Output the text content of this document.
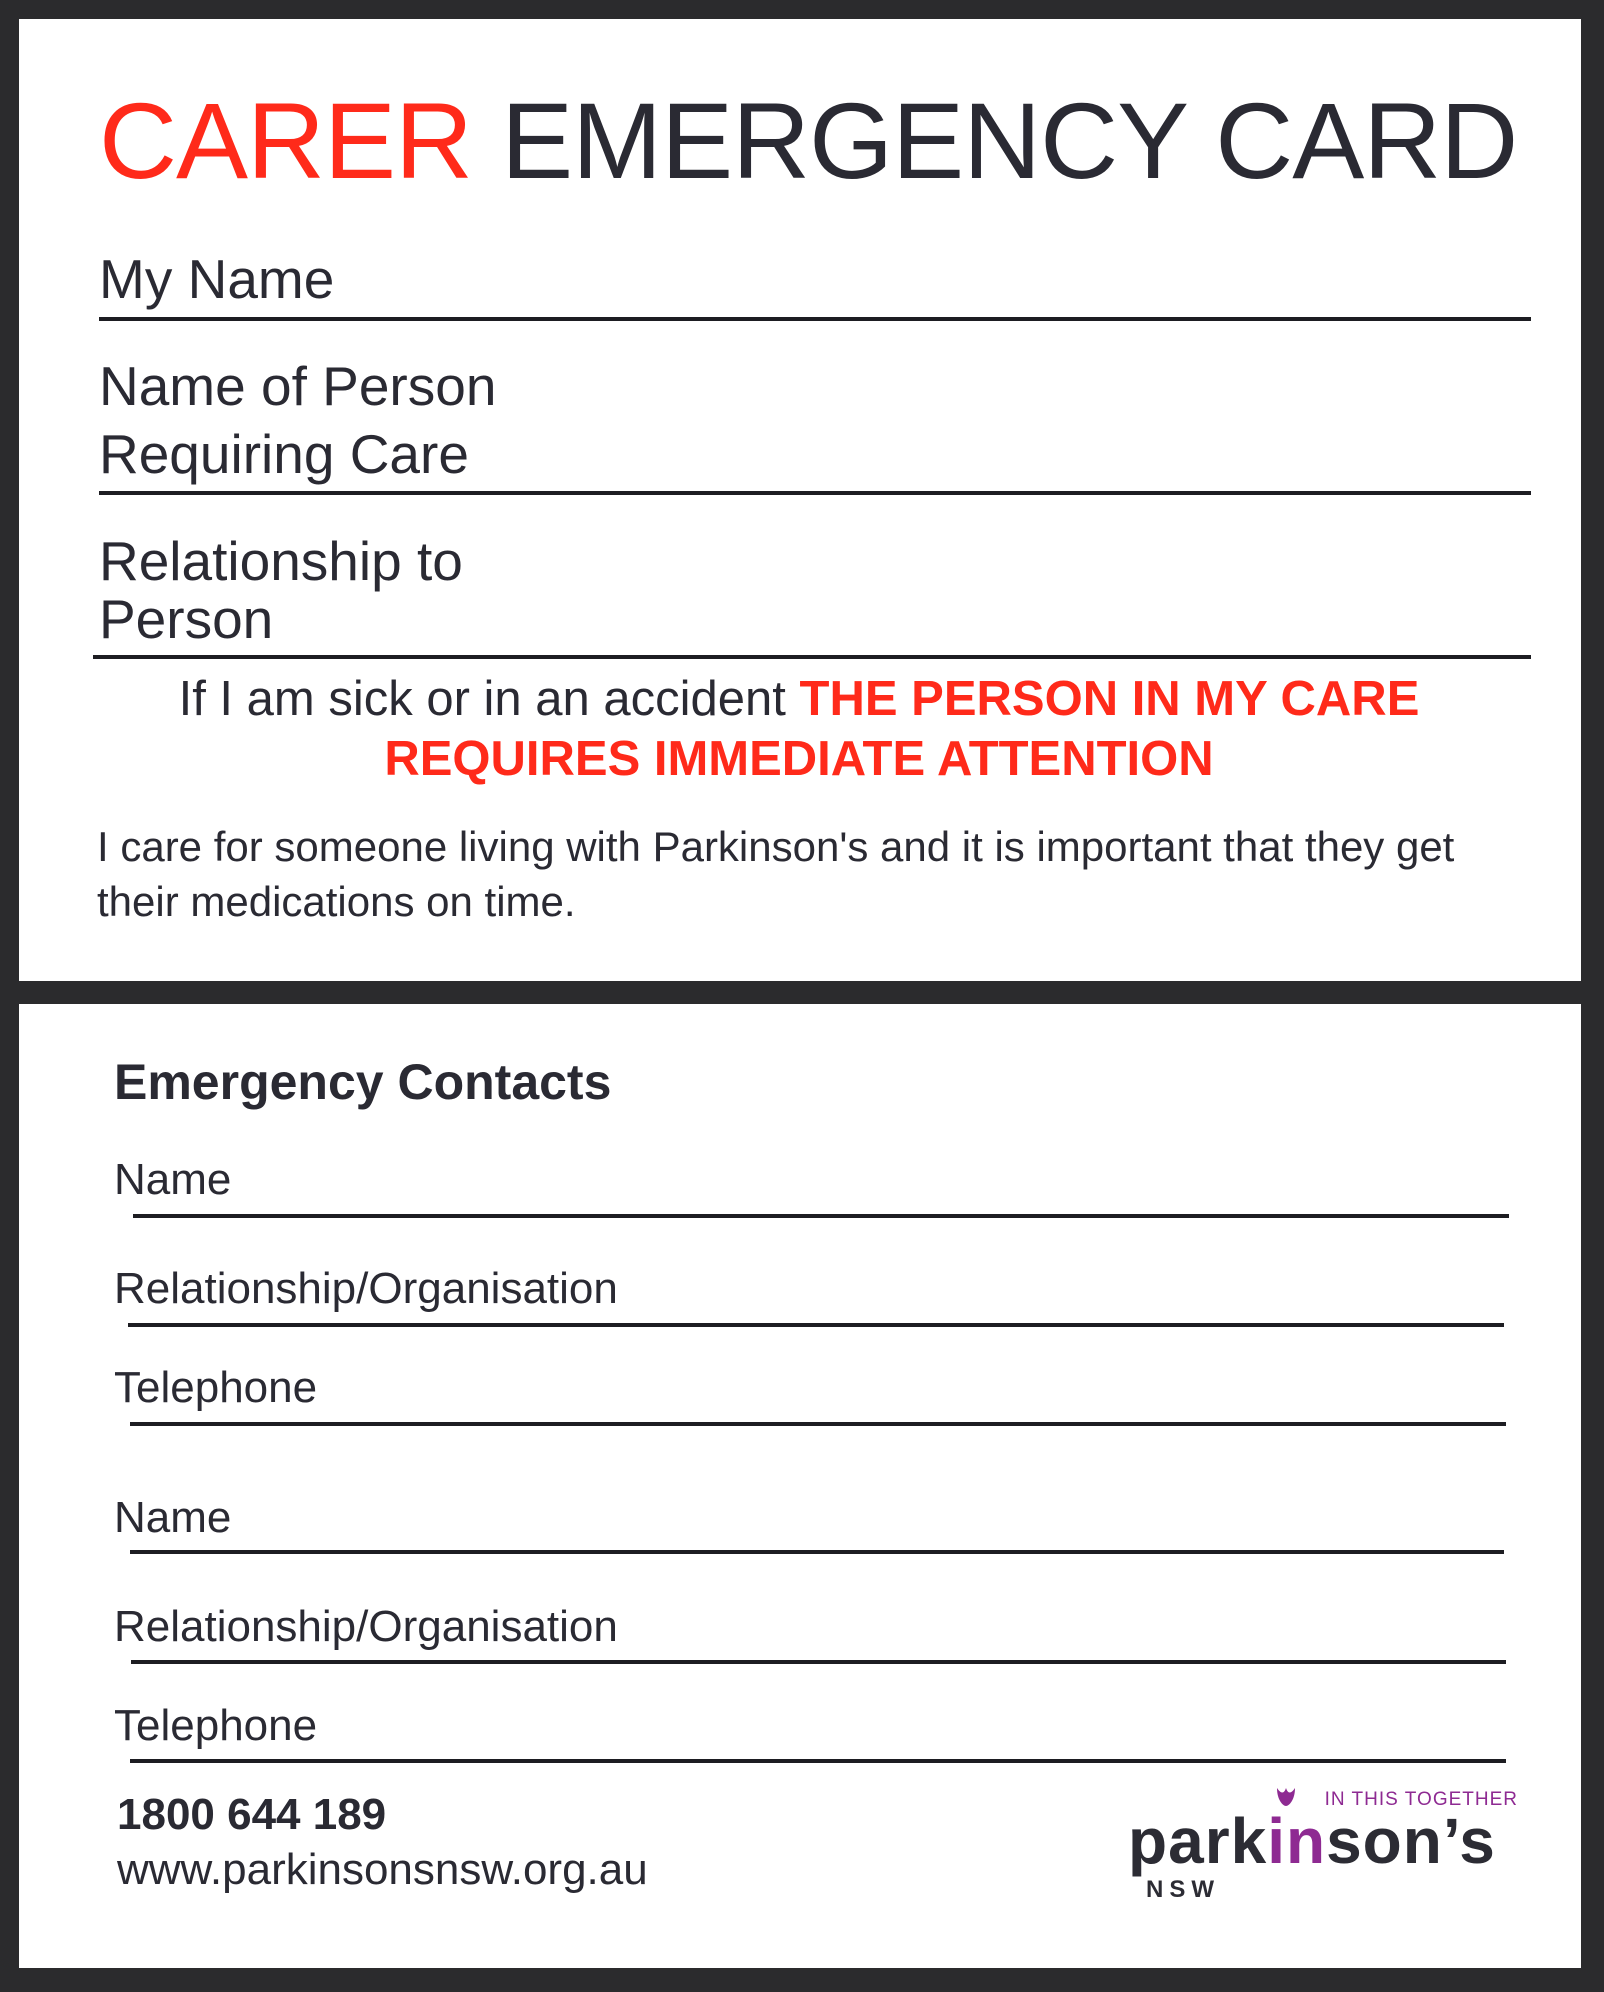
CARER EMERGENCY CARD
My Name
Name of Person
Requiring Care
Relationship to
Person
If I am sick or in an accident THE PERSON IN MY CARE REQUIRES IMMEDIATE ATTENTION
I care for someone living with Parkinson's and it is important that they get their medications on time.
Emergency Contacts
Name
Relationship/Organisation
Telephone
Name
Relationship/Organisation
Telephone
1800 644 189
www.parkinsonsnsw.org.au
IN THIS TOGETHER
parkinson’s
NSW
